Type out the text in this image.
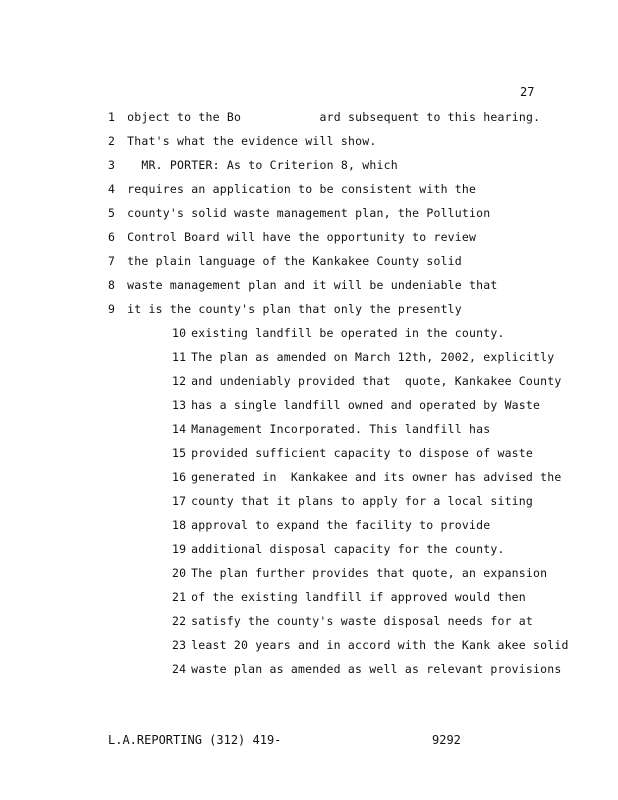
27
1 object to the Bo           ard subsequent to this hearing.
2 That's what the evidence will show.
3   MR. PORTER: As to Criterion 8, which
4 requires an application to be consistent with the
5 county's solid waste management plan, the Pollution
6 Control Board will have the opportunity to review
7 the plain language of the Kankakee County solid
8 waste management plan and it will be undeniable that
9 it is the county's plan that only the presently
10 existing landfill be operated in the county.
11 The plan as amended on March 12th, 2002, explicitly
12 and undeniably provided that  quote, Kankakee County
13 has a single landfill owned and operated by Waste
14 Management Incorporated. This landfill has
15 provided sufficient capacity to dispose of waste
16 generated in  Kankakee and its owner has advised the
17 county that it plans to apply for a local siting
18 approval to expand the facility to provide
19 additional disposal capacity for the county.
20 The plan further provides that quote, an expansion
21 of the existing landfill if approved would then
22 satisfy the county's waste disposal needs for at
23 least 20 years and in accord with the Kank akee solid
24 waste plan as amended as well as relevant provisions
L.A.REPORTING (312) 419-	9292
